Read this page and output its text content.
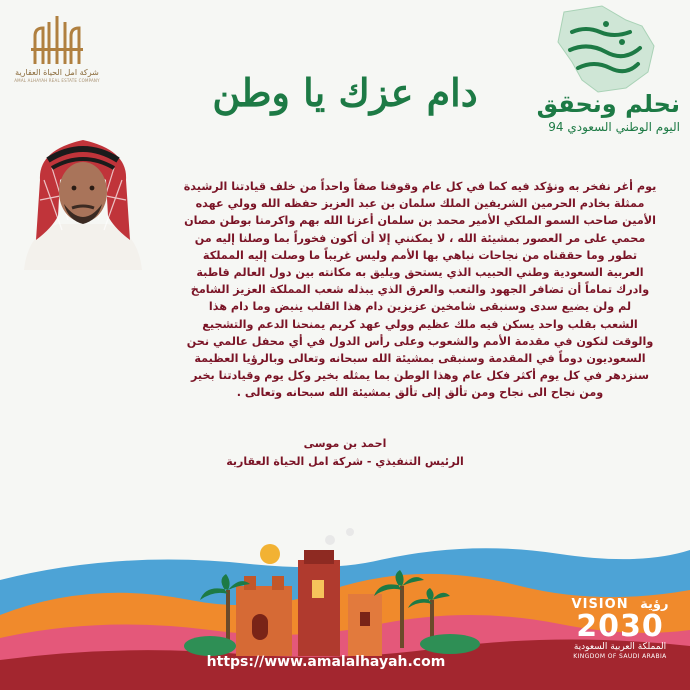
شركة امل الحياة العقارية
AMAL ALHAYAH REAL ESTATE COMPANY	دام عزك يا وطن	نحلم ونحقق
اليوم الوطني السعودي 94
يوم أغر نفخر به ونؤكد فيه كما في كل عام وقوفنا صفاً واحداً من خلف قيادتنا الرشيدة
ممثلة بخادم الحرمين الشريفين الملك سلمان بن عبد العزيز حفظه الله وولي عهده
الأمين صاحب السمو الملكي الأمير محمد بن سلمان أعزنا الله بهم واكرمنا بوطن مصان
محمي على مر العصور بمشيئة الله ، لا يمكنني إلا أن أكون فخوراً بما وصلنا إليه من
تطور وما حققناه من نجاحات نباهي بها الأمم وليس غريباً ما وصلت إليه المملكة
العربية السعودية وطني الحبيب الذي يستحق ويليق به مكانته بين دول العالم قاطبة
وادرك تماماً أن تضافر الجهود والتعب والعرق الذي يبذله شعب المملكة العزيز الشامخ
لم ولن يضيع سدى وسنبقى شامخين عزيزين دام هذا القلب ينبض وما دام هذا
الشعب بقلب واحد يسكن فيه ملك عظيم وولي عهد كريم يمنحنا الدعم والتشجيع
والوقت لنكون في مقدمة الأمم والشعوب وعلى رأس الدول في أي محفل عالمي نحن
السعوديون دوماً في المقدمة وسنبقى بمشيئة الله سبحانه وتعالى وبالرؤيا العظيمة
سنزدهر في كل يوم أكثر فكل عام وهذا الوطن بما يمثله بخير وكل يوم وقيادتنا بخير
ومن نجاح الى نجاح ومن تألق إلى تألق بمشيئة الله سبحانه وتعالى .
احمد بن موسى
الرئيس التنفيذي - شركة امل الحياة العقارية
VISION رؤية
2030
المملكة العربية السعودية
KINGDOM OF SAUDI ARABIA
https://www.amalalhayah.com
